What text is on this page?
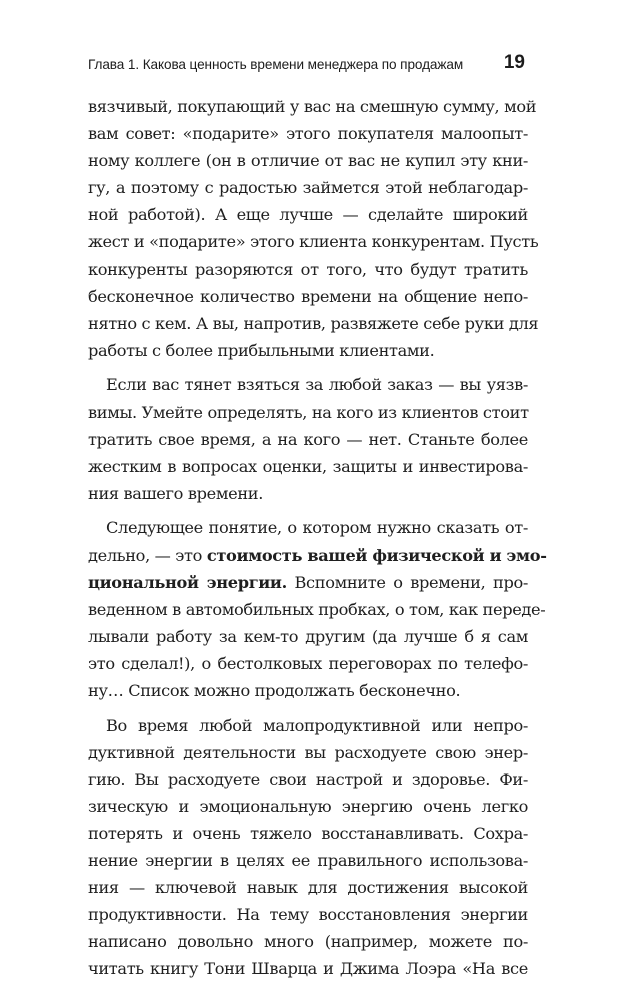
Глава 1. Какова ценность времени менеджера по продажам	19
вязчивый, покупающий у вас на смешную сумму, мой
вам совет: «подарите» этого покупателя малоопыт-
ному коллеге (он в отличие от вас не купил эту кни-
гу, а поэтому с радостью займется этой неблагодар-
ной работой). А еще лучше — сделайте широкий
жест и «подарите» этого клиента конкурентам. Пусть
конкуренты разоряются от того, что будут тратить
бесконечное количество времени на общение непо-
нятно с кем. А вы, напротив, развяжете себе руки для
работы с более прибыльными клиентами.
Если вас тянет взяться за любой заказ — вы уязв-
вимы. Умейте определять, на кого из клиентов стоит
тратить свое время, а на кого — нет. Станьте более
жестким в вопросах оценки, защиты и инвестирова-
ния вашего времени.
Следующее понятие, о котором нужно сказать от-
дельно, — это стоимость вашей физической и эмо-
циональной энергии. Вспомните о времени, про-
веденном в автомобильных пробках, о том, как переде-
лывали работу за кем-то другим (да лучше б я сам
это сделал!), о бестолковых переговорах по телефо-
ну… Список можно продолжать бесконечно.
Во время любой малопродуктивной или непро-
дуктивной деятельности вы расходуете свою энер-
гию. Вы расходуете свои настрой и здоровье. Фи-
зическую и эмоциональную энергию очень легко
потерять и очень тяжело восстанавливать. Сохра-
нение энергии в целях ее правильного использова-
ния — ключевой навык для достижения высокой
продуктивности. На тему восстановления энергии
написано довольно много (например, можете по-
читать книгу Тони Шварца и Джима Лоэра «На все
